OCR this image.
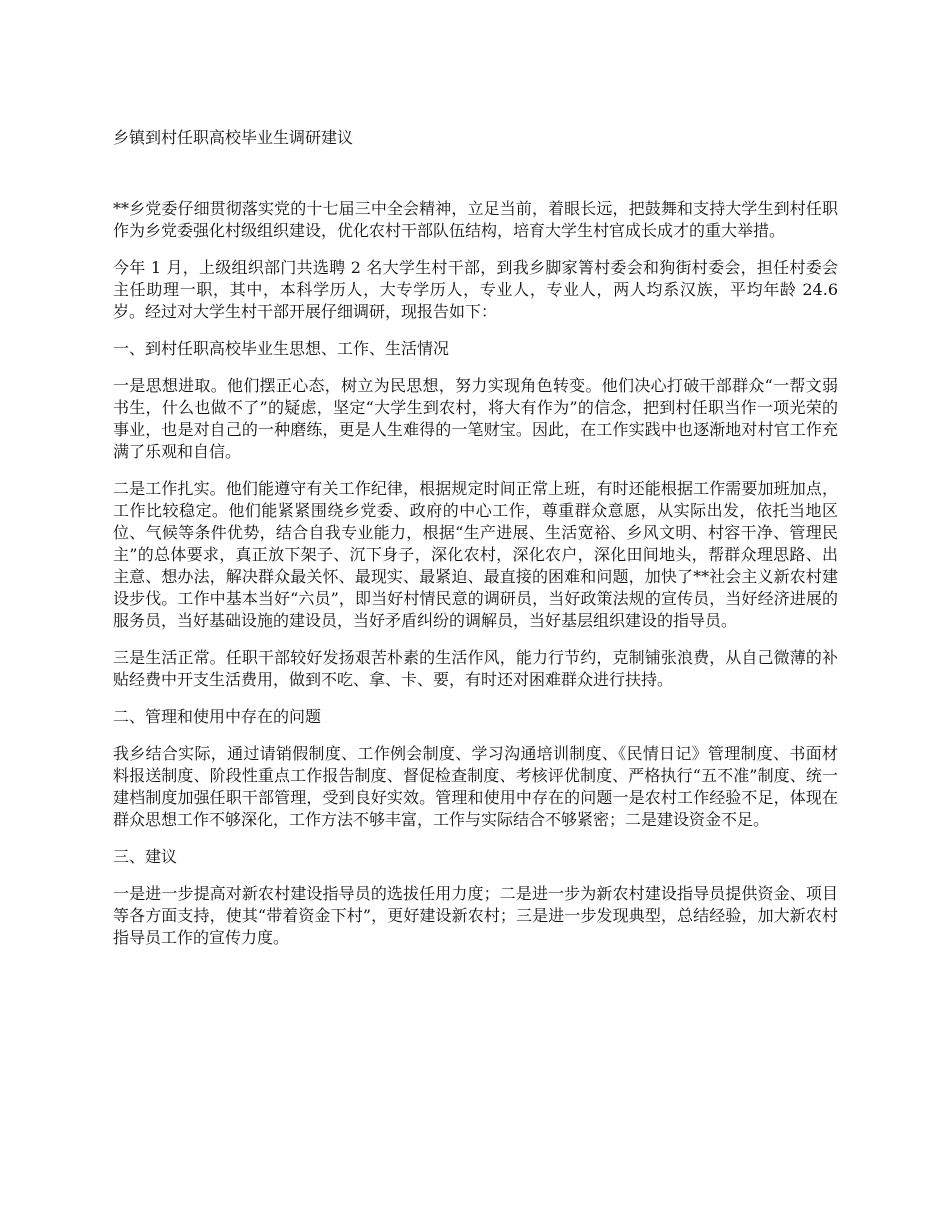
乡镇到村任职高校毕业生调研建议

**乡党委仔细贯彻落实党的十七届三中全会精神，立足当前，着眼长远，把鼓舞和支持大学生到村任职作为乡党委强化村级组织建设，优化农村干部队伍结构，培育大学生村官成长成才的重大举措。

今年 1 月，上级组织部门共选聘 2 名大学生村干部，到我乡脚家箐村委会和狗街村委会，担任村委会主任助理一职，其中，本科学历人，大专学历人，专业人，专业人，两人均系汉族，平均年龄 24.6 岁。经过对大学生村干部开展仔细调研，现报告如下：

一、到村任职高校毕业生思想、工作、生活情况

一是思想进取。他们摆正心态，树立为民思想，努力实现角色转变。他们决心打破干部群众“一帮文弱书生，什么也做不了”的疑虑，坚定“大学生到农村，将大有作为”的信念，把到村任职当作一项光荣的事业，也是对自己的一种磨练，更是人生难得的一笔财宝。因此，在工作实践中也逐渐地对村官工作充满了乐观和自信。

二是工作扎实。他们能遵守有关工作纪律，根据规定时间正常上班，有时还能根据工作需要加班加点，工作比较稳定。他们能紧紧围绕乡党委、政府的中心工作，尊重群众意愿，从实际出发，依托当地区位、气候等条件优势，结合自我专业能力，根据“生产进展、生活宽裕、乡风文明、村容干净、管理民主”的总体要求，真正放下架子、沉下身子，深化农村，深化农户，深化田间地头，帮群众理思路、出主意、想办法，解决群众最关怀、最现实、最紧迫、最直接的困难和问题，加快了**社会主义新农村建设步伐。工作中基本当好“六员”，即当好村情民意的调研员，当好政策法规的宣传员，当好经济进展的服务员，当好基础设施的建设员，当好矛盾纠纷的调解员，当好基层组织建设的指导员。

三是生活正常。任职干部较好发扬艰苦朴素的生活作风，能力行节约，克制铺张浪费，从自己微薄的补贴经费中开支生活费用，做到不吃、拿、卡、要，有时还对困难群众进行扶持。

二、管理和使用中存在的问题

我乡结合实际，通过请销假制度、工作例会制度、学习沟通培训制度、《民情日记》管理制度、书面材料报送制度、阶段性重点工作报告制度、督促检查制度、考核评优制度、严格执行“五不准”制度、统一建档制度加强任职干部管理，受到良好实效。管理和使用中存在的问题一是农村工作经验不足，体现在群众思想工作不够深化，工作方法不够丰富，工作与实际结合不够紧密；二是建设资金不足。

三、建议

一是进一步提高对新农村建设指导员的选拔任用力度；二是进一步为新农村建设指导员提供资金、项目等各方面支持，使其“带着资金下村”，更好建设新农村；三是进一步发现典型，总结经验，加大新农村指导员工作的宣传力度。
